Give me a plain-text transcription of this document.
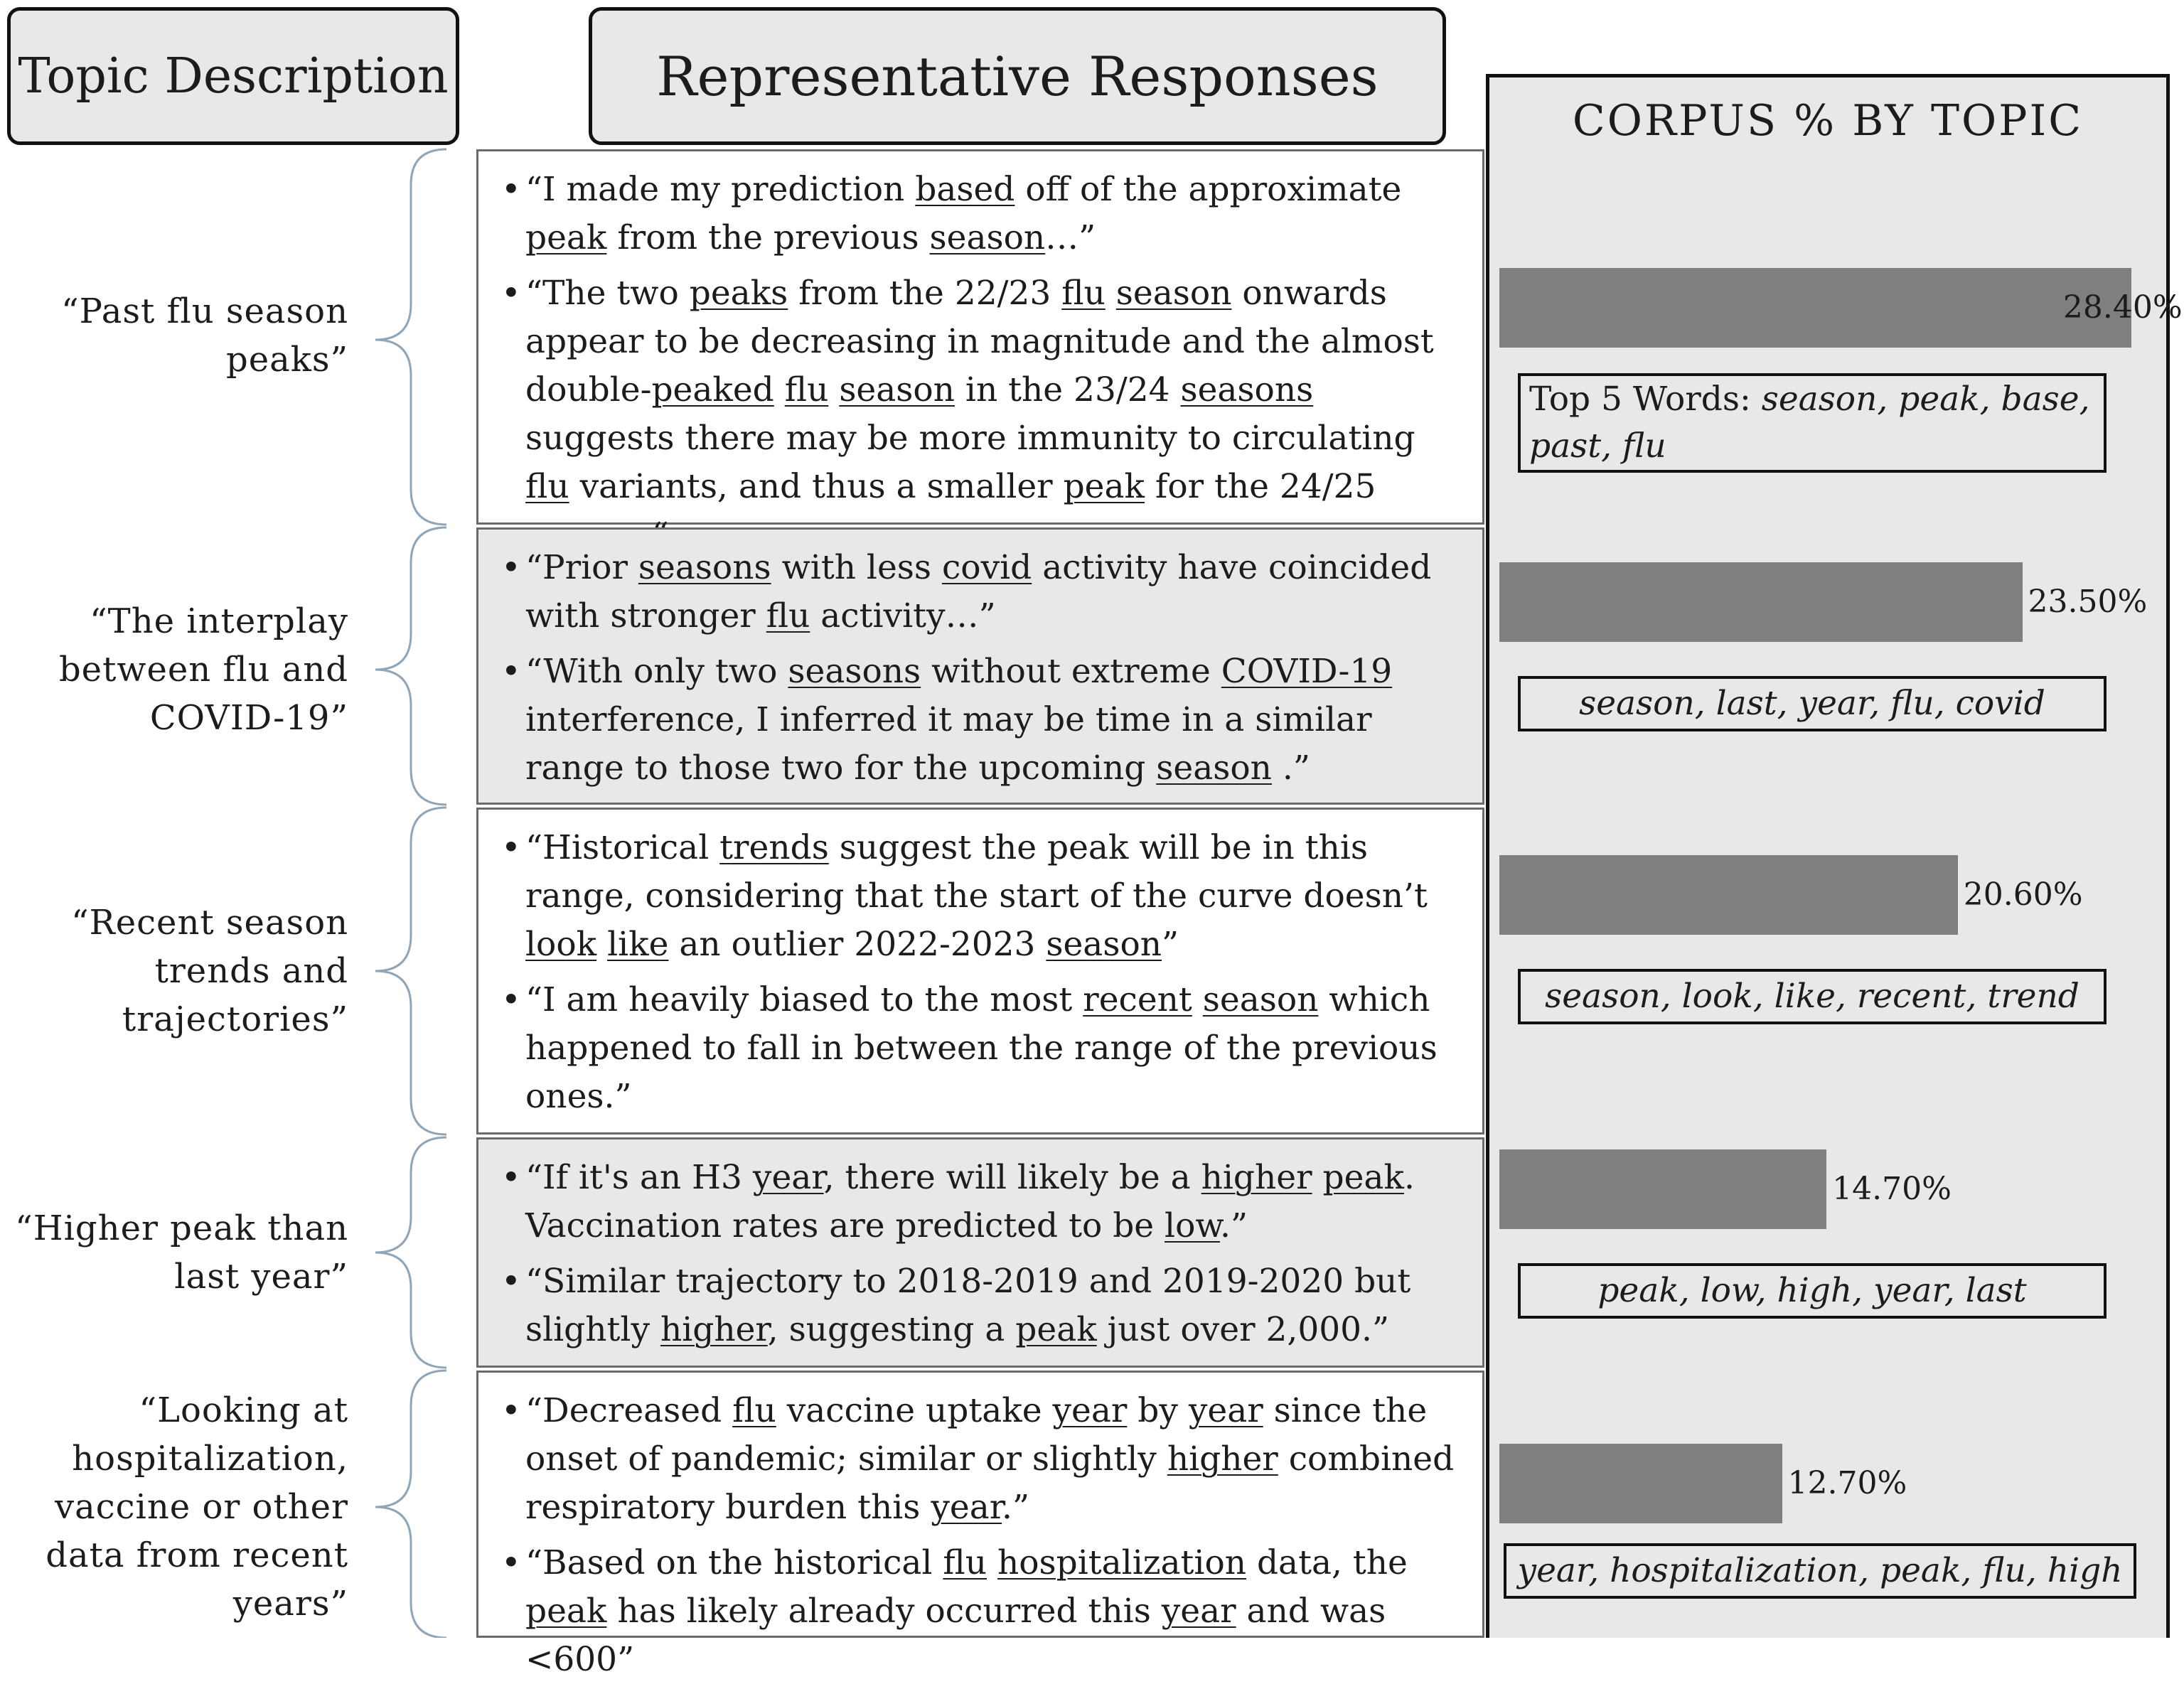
Topic Description	Representative Responses
“Past flu season peaks”
“The interplay between flu and COVID-19”
“Recent season trends and trajectories”
“Higher peak than last year”
“Looking at hospitalization, vaccine or other data from recent years”
• “I made my prediction based off of the approximate peak from the previous season…”
• “The two peaks from the 22/23 flu season onwards appear to be decreasing in magnitude and the almost double-peaked flu season in the 23/24 seasons suggests there may be more immunity to circulating flu variants, and thus a smaller peak for the 24/25
• “Prior seasons with less covid activity have coincided with stronger flu activity…”
• “With only two seasons without extreme COVID-19 interference, I inferred it may be time in a similar range to those two for the upcoming season .”
• “Historical trends suggest the peak will be in this range, considering that the start of the curve doesn’t look like an outlier 2022-2023 season”
• “I am heavily biased to the most recent season which happened to fall in between the range of the previous ones.”
• “If it's an H3 year, there will likely be a higher peak. Vaccination rates are predicted to be low.”
• “Similar trajectory to 2018-2019 and 2019-2020 but slightly higher, suggesting a peak just over 2,000.”
• “Decreased flu vaccine uptake year by year since the onset of pandemic; similar or slightly higher combined respiratory burden this year.”
• “Based on the historical flu hospitalization data, the peak has likely already occurred this year and was <600”
CORPUS % BY TOPIC
28.40%
Top 5 Words: season, peak, base, past, flu
23.50%
season, last, year, flu, covid
20.60%
season, look, like, recent, trend
14.70%
peak, low, high, year, last
12.70%
year, hospitalization, peak, flu, high
